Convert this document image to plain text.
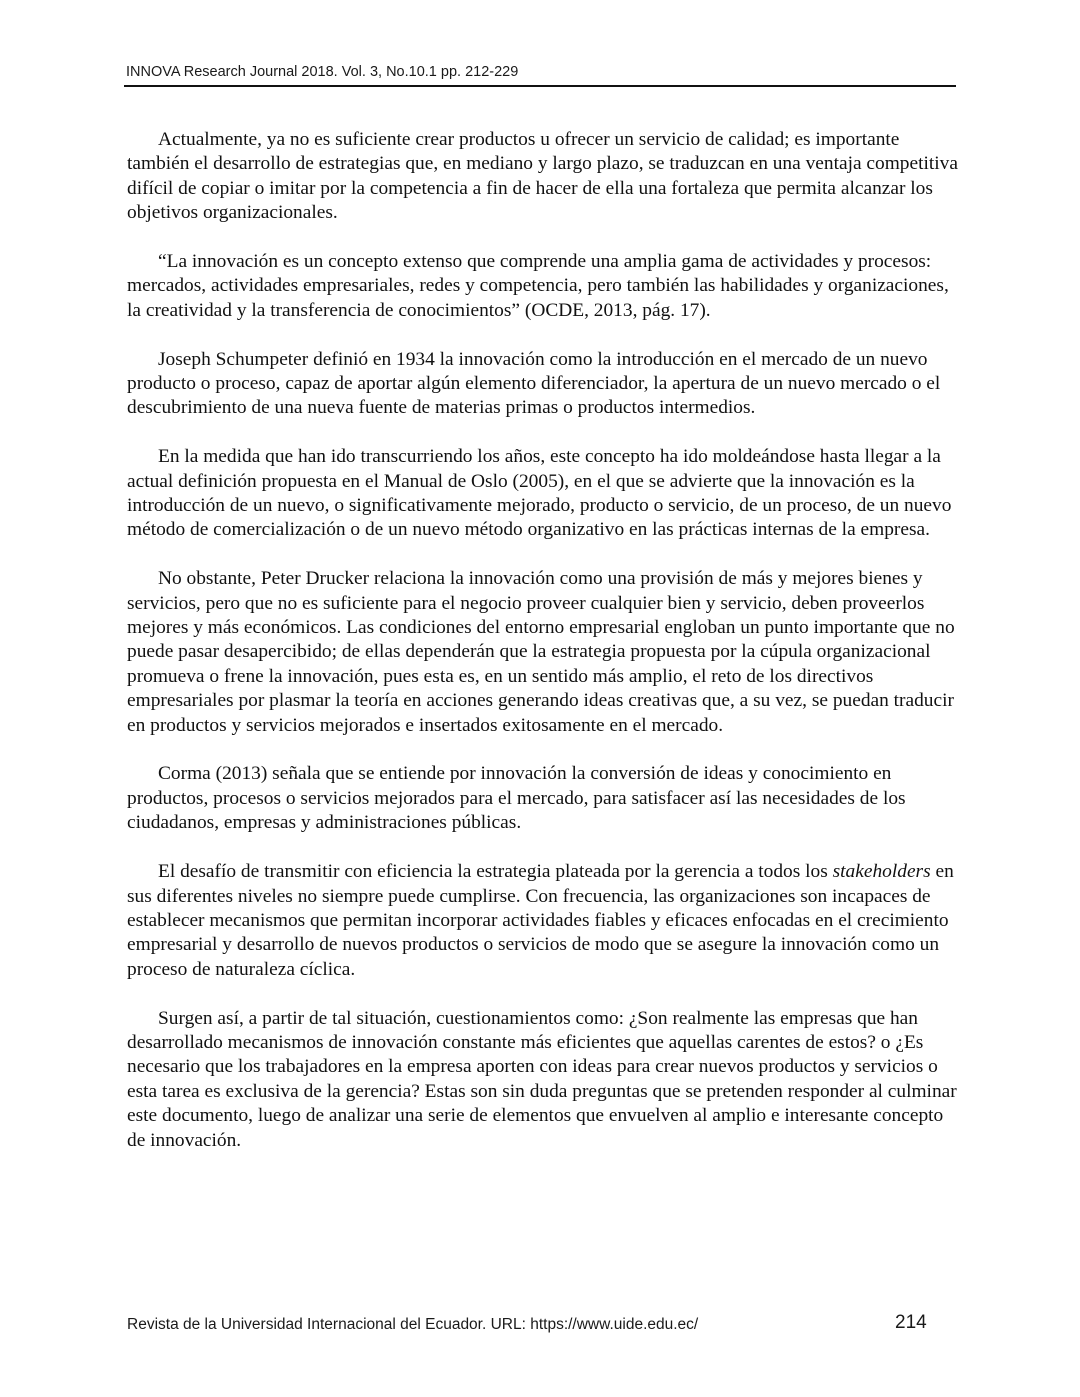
INNOVA Research Journal 2018. Vol. 3, No.10.1 pp. 212-229

Actualmente, ya no es suficiente crear productos u ofrecer un servicio de calidad; es importante también el desarrollo de estrategias que, en mediano y largo plazo, se traduzcan en una ventaja competitiva difícil de copiar o imitar por la competencia a fin de hacer de ella una fortaleza que permita alcanzar los objetivos organizacionales.

“La innovación es un concepto extenso que comprende una amplia gama de actividades y procesos: mercados, actividades empresariales, redes y competencia, pero también las habilidades y organizaciones, la creatividad y la transferencia de conocimientos” (OCDE, 2013, pág. 17).

Joseph Schumpeter definió en 1934 la innovación como la introducción en el mercado de un nuevo producto o proceso, capaz de aportar algún elemento diferenciador, la apertura de un nuevo mercado o el descubrimiento de una nueva fuente de materias primas o productos intermedios.

En la medida que han ido transcurriendo los años, este concepto ha ido moldeándose hasta llegar a la actual definición propuesta en el Manual de Oslo (2005), en el que se advierte que la innovación es la introducción de un nuevo, o significativamente mejorado, producto o servicio, de un proceso, de un nuevo método de comercialización o de un nuevo método organizativo en las prácticas internas de la empresa.

No obstante, Peter Drucker relaciona la innovación como una provisión de más y mejores bienes y servicios, pero que no es suficiente para el negocio proveer cualquier bien y servicio, deben proveerlos mejores y más económicos. Las condiciones del entorno empresarial engloban un punto importante que no puede pasar desapercibido; de ellas dependerán que la estrategia propuesta por la cúpula organizacional promueva o frene la innovación, pues esta es, en un sentido más amplio, el reto de los directivos empresariales por plasmar la teoría en acciones generando ideas creativas que, a su vez, se puedan traducir en productos y servicios mejorados e insertados exitosamente en el mercado.

Corma (2013) señala que se entiende por innovación la conversión de ideas y conocimiento en productos, procesos o servicios mejorados para el mercado, para satisfacer así las necesidades de los ciudadanos, empresas y administraciones públicas.

El desafío de transmitir con eficiencia la estrategia plateada por la gerencia a todos los stakeholders en sus diferentes niveles no siempre puede cumplirse. Con frecuencia, las organizaciones son incapaces de establecer mecanismos que permitan incorporar actividades fiables y eficaces enfocadas en el crecimiento empresarial y desarrollo de nuevos productos o servicios de modo que se asegure la innovación como un proceso de naturaleza cíclica.

Surgen así, a partir de tal situación, cuestionamientos como: ¿Son realmente las empresas que han desarrollado mecanismos de innovación constante más eficientes que aquellas carentes de estos? o ¿Es necesario que los trabajadores en la empresa aporten con ideas para crear nuevos productos y servicios o esta tarea es exclusiva de la gerencia? Estas son sin duda preguntas que se pretenden responder al culminar este documento, luego de analizar una serie de elementos que envuelven al amplio e interesante concepto de innovación.

Revista de la Universidad Internacional del Ecuador. URL: https://www.uide.edu.ec/	214
